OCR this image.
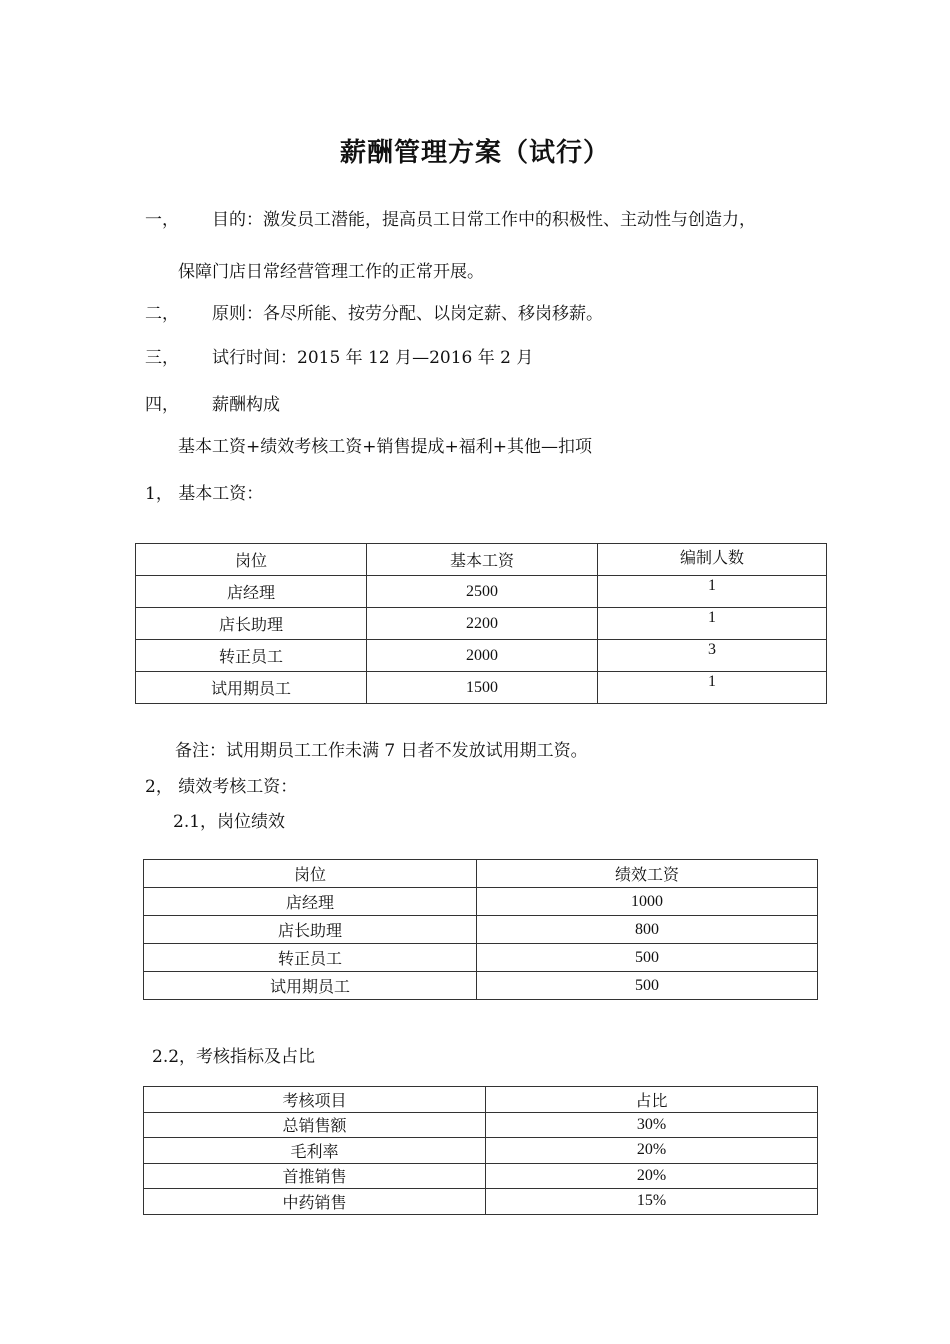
薪酬管理方案（试行）
一， 目的：激发员工潜能，提高员工日常工作中的积极性、主动性与创造力，
保障门店日常经营管理工作的正常开展。
二， 原则：各尽所能、按劳分配、以岗定薪、移岗移薪。
三， 试行时间：2015 年 12 月—2016 年 2 月
四， 薪酬构成
基本工资+绩效考核工资+销售提成+福利+其他—扣项
1， 基本工资：
岗位	基本工资	编制人数
店经理	2500	1
店长助理	2200	1
转正员工	2000	3
试用期员工	1500	1
备注：试用期员工工作未满 7 日者不发放试用期工资。
2， 绩效考核工资：
2.1，岗位绩效
岗位	绩效工资
店经理	1000
店长助理	800
转正员工	500
试用期员工	500
2.2，考核指标及占比
考核项目	占比
总销售额	30%
毛利率	20%
首推销售	20%
中药销售	15%
